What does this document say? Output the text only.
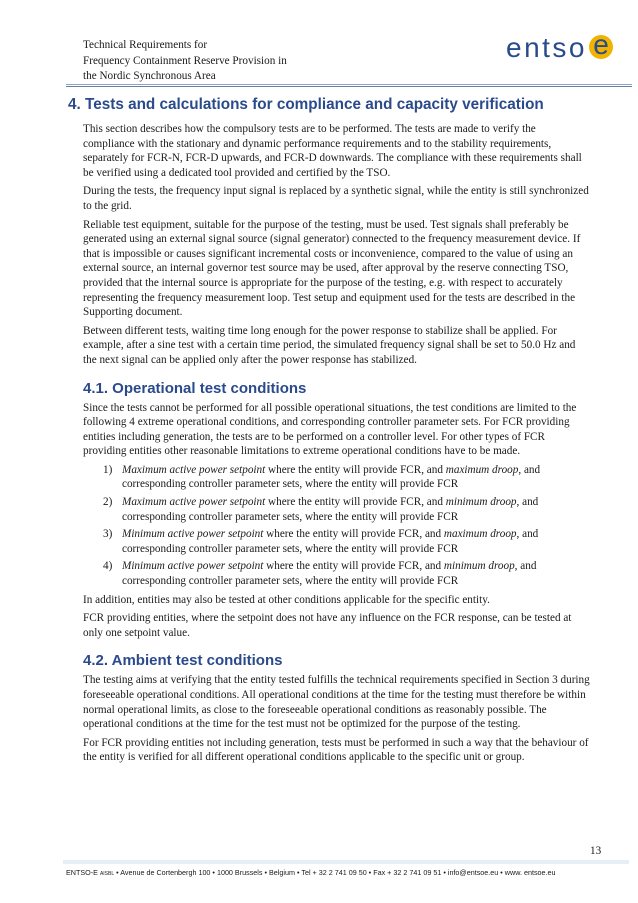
Technical Requirements for
Frequency Containment Reserve Provision in
the Nordic Synchronous Area
entso e
4. Tests and calculations for compliance and capacity verification

This section describes how the compulsory tests are to be performed. The tests are made to verify the compliance with the stationary and dynamic performance requirements and to the stability requirements, separately for FCR-N, FCR-D upwards, and FCR-D downwards. The compliance with these requirements shall be verified using a dedicated tool provided and certified by the TSO.

During the tests, the frequency input signal is replaced by a synthetic signal, while the entity is still synchronized to the grid.

Reliable test equipment, suitable for the purpose of the testing, must be used. Test signals shall preferably be generated using an external signal source (signal generator) connected to the frequency measurement device. If that is impossible or causes significant incremental costs or inconvenience, compared to the value of using an external source, an internal governor test source may be used, after approval by the reserve connecting TSO, provided that the internal source is appropriate for the purpose of the testing, e.g. with respect to accurately representing the frequency measurement loop. Test setup and equipment used for the tests are described in the Supporting document.

Between different tests, waiting time long enough for the power response to stabilize shall be applied. For example, after a sine test with a certain time period, the simulated frequency signal shall be set to 50.0 Hz and the next signal can be applied only after the power response has stabilized.

4.1. Operational test conditions

Since the tests cannot be performed for all possible operational situations, the test conditions are limited to the following 4 extreme operational conditions, and corresponding controller parameter sets. For FCR providing entities including generation, the tests are to be performed on a controller level. For other types of FCR providing entities other reasonable limitations to extreme operational conditions have to be made.

1) Maximum active power setpoint where the entity will provide FCR, and maximum droop, and corresponding controller parameter sets, where the entity will provide FCR
2) Maximum active power setpoint where the entity will provide FCR, and minimum droop, and corresponding controller parameter sets, where the entity will provide FCR
3) Minimum active power setpoint where the entity will provide FCR, and maximum droop, and corresponding controller parameter sets, where the entity will provide FCR
4) Minimum active power setpoint where the entity will provide FCR, and minimum droop, and corresponding controller parameter sets, where the entity will provide FCR

In addition, entities may also be tested at other conditions applicable for the specific entity.

FCR providing entities, where the setpoint does not have any influence on the FCR response, can be tested at only one setpoint value.

4.2. Ambient test conditions

The testing aims at verifying that the entity tested fulfills the technical requirements specified in Section 3 during foreseeable operational conditions. All operational conditions at the time for the testing must therefore be within normal operational limits, as close to the foreseeable operational conditions as reasonably possible. The operational conditions at the time for the test must not be optimized for the purpose of the testing.

For FCR providing entities not including generation, tests must be performed in such a way that the behaviour of the entity is verified for all different operational conditions applicable to the specific unit or group.

13
ENTSO-E AISBL • Avenue de Cortenbergh 100 • 1000 Brussels • Belgium • Tel + 32 2 741 09 50 • Fax + 32 2 741 09 51 • info@entsoe.eu • www. entsoe.eu
